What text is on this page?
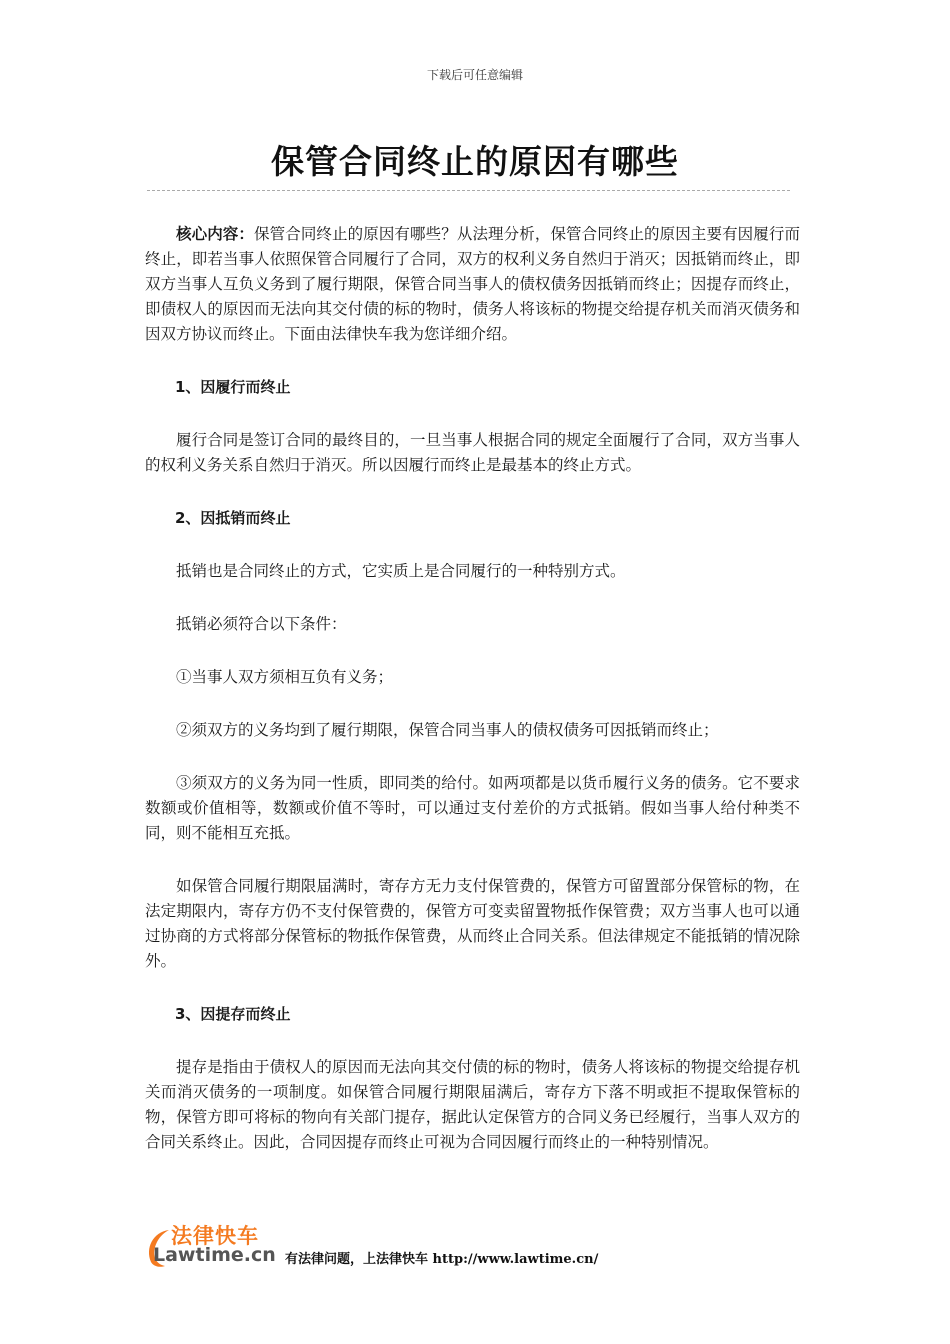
下载后可任意编辑
保管合同终止的原因有哪些

核心内容：保管合同终止的原因有哪些？从法理分析，保管合同终止的原因主要有因履行而终止，即若当事人依照保管合同履行了合同，双方的权利义务自然归于消灭；因抵销而终止，即双方当事人互负义务到了履行期限，保管合同当事人的债权债务因抵销而终止；因提存而终止，即债权人的原因而无法向其交付债的标的物时，债务人将该标的物提交给提存机关而消灭债务和因双方协议而终止。下面由法律快车我为您详细介绍。

1、因履行而终止

履行合同是签订合同的最终目的，一旦当事人根据合同的规定全面履行了合同，双方当事人的权利义务关系自然归于消灭。所以因履行而终止是最基本的终止方式。

2、因抵销而终止

抵销也是合同终止的方式，它实质上是合同履行的一种特别方式。

抵销必须符合以下条件：

①当事人双方须相互负有义务；

②须双方的义务均到了履行期限，保管合同当事人的债权债务可因抵销而终止；

③须双方的义务为同一性质，即同类的给付。如两项都是以货币履行义务的债务。它不要求数额或价值相等，数额或价值不等时，可以通过支付差价的方式抵销。假如当事人给付种类不同，则不能相互充抵。

如保管合同履行期限届满时，寄存方无力支付保管费的，保管方可留置部分保管标的物，在法定期限内，寄存方仍不支付保管费的，保管方可变卖留置物抵作保管费；双方当事人也可以通过协商的方式将部分保管标的物抵作保管费，从而终止合同关系。但法律规定不能抵销的情况除外。

3、因提存而终止

提存是指由于债权人的原因而无法向其交付债的标的物时，债务人将该标的物提交给提存机关而消灭债务的一项制度。如保管合同履行期限届满后，寄存方下落不明或拒不提取保管标的物，保管方即可将标的物向有关部门提存，据此认定保管方的合同义务已经履行，当事人双方的合同关系终止。因此，合同因提存而终止可视为合同因履行而终止的一种特别情况。

法律快车
Lawtime.cn 有法律问题，上法律快车 http://www.lawtime.cn/
